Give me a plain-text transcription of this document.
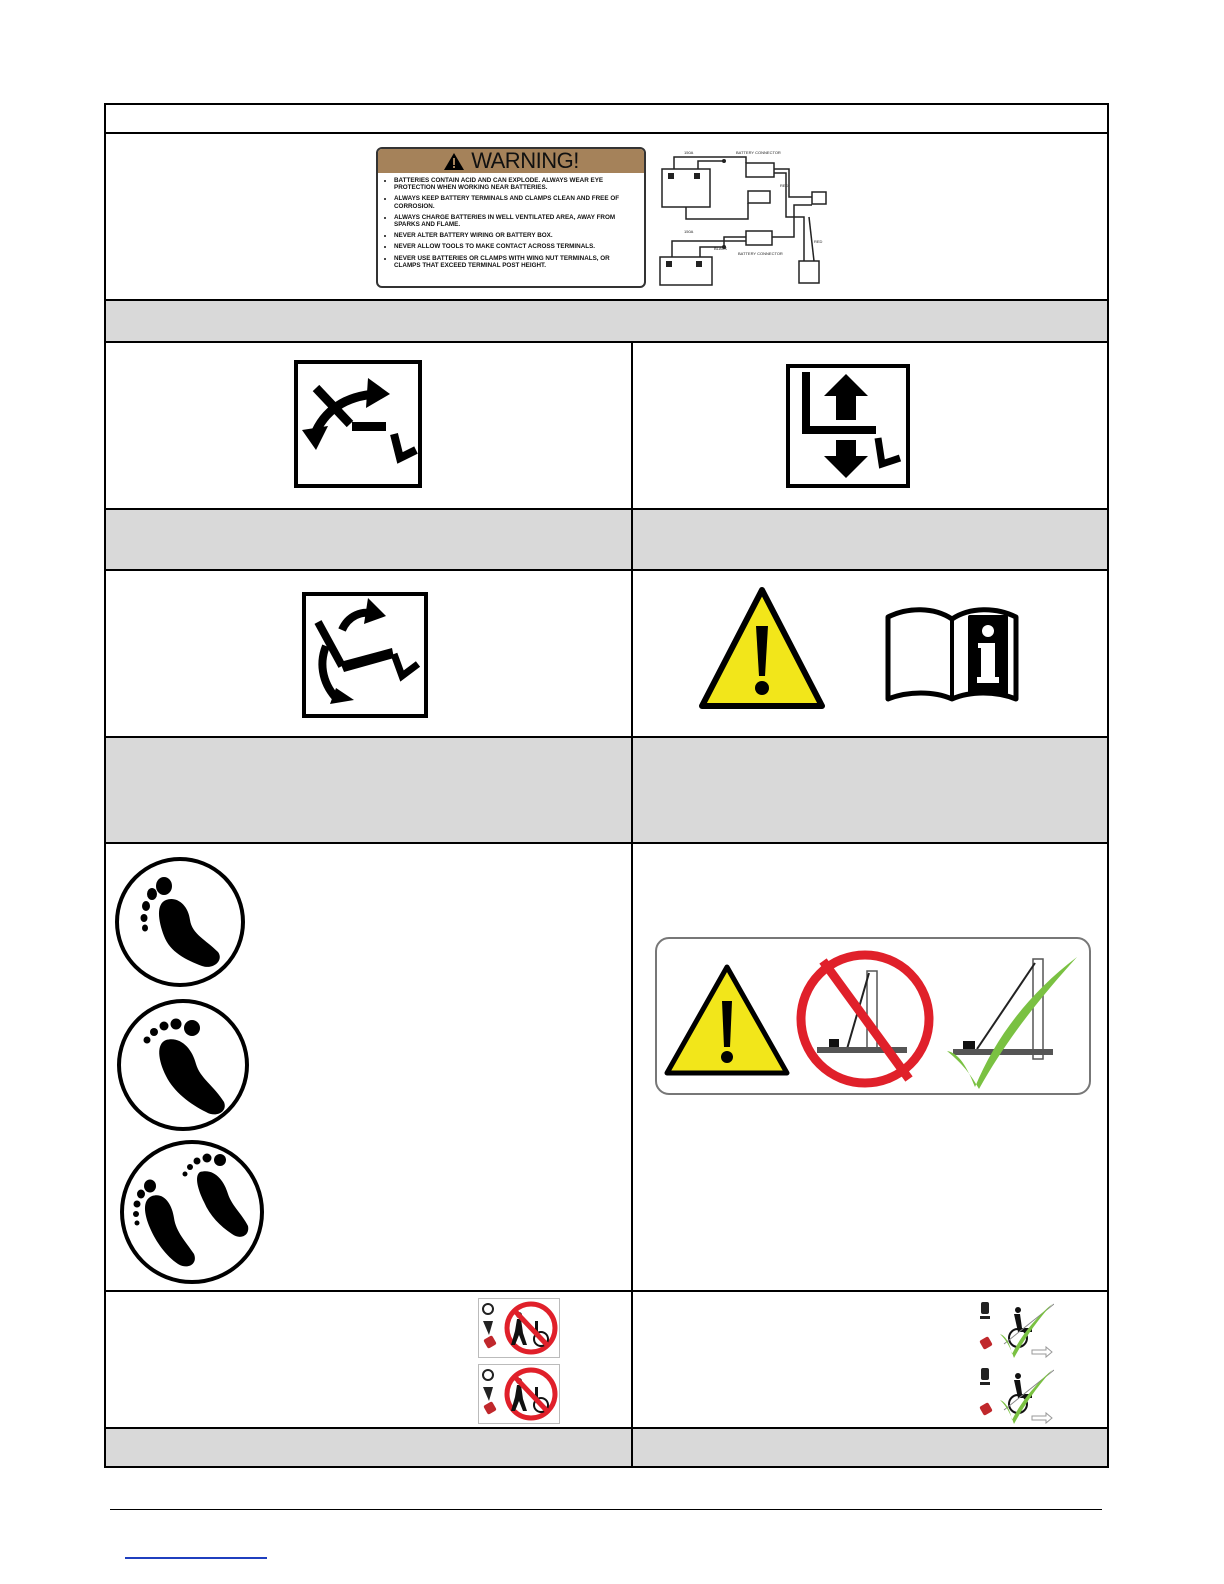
WARNING!
• BATTERIES CONTAIN ACID AND CAN EXPLODE. ALWAYS WEAR EYE PROTECTION WHEN WORKING NEAR BATTERIES.
• ALWAYS KEEP BATTERY TERMINALS AND CLAMPS CLEAN AND FREE OF CORROSION.
• ALWAYS CHARGE BATTERIES IN WELL VENTILATED AREA, AWAY FROM SPARKS AND FLAME.
• NEVER ALTER BATTERY WIRING OR BATTERY BOX.
• NEVER ALLOW TOOLS TO MAKE CONTACT ACROSS TERMINALS.
• NEVER USE BATTERIES OR CLAMPS WITH WING NUT TERMINALS, OR CLAMPS THAT EXCEED TERMINAL POST HEIGHT.
150A	BATTERY CONNECTOR
RED
150A
BLACK
BATTERY CONNECTOR
RED
